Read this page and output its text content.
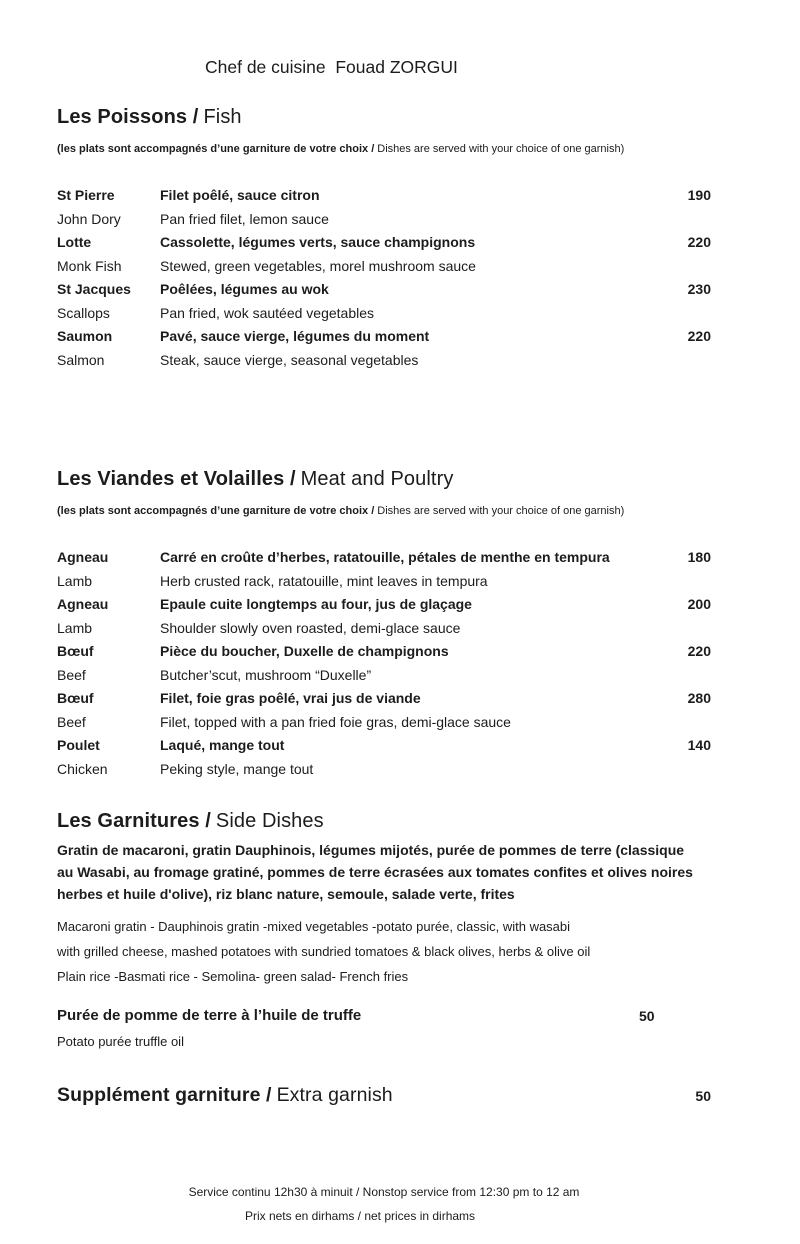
Chef de cuisine  Fouad ZORGUI

Les Poissons / Fish

(les plats sont accompagnés d’une garniture de votre choix / Dishes are served with your choice of one garnish)

St Pierre	Filet poêlé, sauce citron	190
John Dory	Pan fried filet, lemon sauce
Lotte	Cassolette, légumes verts, sauce champignons	220
Monk Fish	Stewed, green vegetables, morel mushroom sauce
St Jacques	Poêlées, légumes au wok	230
Scallops	Pan fried, wok sautéed vegetables
Saumon	Pavé, sauce vierge, légumes du moment	220
Salmon	Steak, sauce vierge, seasonal vegetables
Les Viandes et Volailles / Meat and Poultry

(les plats sont accompagnés d’une garniture de votre choix / Dishes are served with your choice of one garnish)

Agneau	Carré en croûte d’herbes, ratatouille, pétales de menthe en tempura	180
Lamb	Herb crusted rack, ratatouille, mint leaves in tempura
Agneau	Epaule cuite longtemps au four, jus de glaçage	200
Lamb	Shoulder slowly oven roasted, demi-glace sauce
Bœuf	Pièce du boucher, Duxelle de champignons	220
Beef	Butcher’scut, mushroom “Duxelle”
Bœuf	Filet, foie gras poêlé, vrai jus de viande	280
Beef	Filet, topped with a pan fried foie gras, demi-glace sauce
Poulet	Laqué, mange tout	140
Chicken	Peking style, mange tout
Les Garnitures / Side Dishes
Gratin de macaroni, gratin Dauphinois, légumes mijotés, purée de pommes de terre (classique
au Wasabi, au fromage gratiné, pommes de terre écrasées aux tomates confites et olives noires
herbes et huile d'olive), riz blanc nature, semoule, salade verte, frites
Macaroni gratin - Dauphinois gratin -mixed vegetables -potato purée, classic, with wasabi
with grilled cheese, mashed potatoes with sundried tomatoes & black olives, herbs & olive oil
Plain rice -Basmati rice - Semolina- green salad- French fries
Purée de pomme de terre à l’huile de truffe	50
Potato purée truffle oil
Supplément garniture / Extra garnish	50
Service continu 12h30 à minuit / Nonstop service from 12:30 pm to 12 am
Prix nets en dirhams / net prices in dirhams
